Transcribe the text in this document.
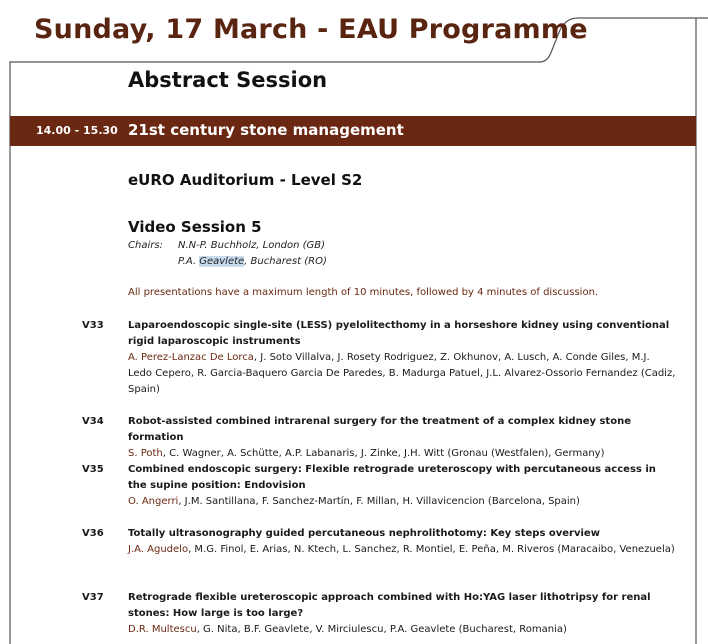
Sunday, 17 March - EAU Programme
Abstract Session
14.00 - 15.30 21st century stone management
eURO Auditorium - Level S2
Video Session 5
Chairs: N.N-P. Buchholz, London (GB)
P.A. Geavlete, Bucharest (RO)
All presentations have a maximum length of 10 minutes, followed by 4 minutes of discussion.
V33 Laparoendoscopic single-site (LESS) pyelolitecthomy in a horseshore kidney using conventional rigid laparoscopic instruments
A. Perez-Lanzac De Lorca, J. Soto Villalva, J. Rosety Rodriguez, Z. Okhunov, A. Lusch, A. Conde Giles, M.J. Ledo Cepero, R. Garcia-Baquero Garcia De Paredes, B. Madurga Patuel, J.L. Alvarez-Ossorio Fernandez (Cadiz, Spain)
V34 Robot-assisted combined intrarenal surgery for the treatment of a complex kidney stone formation
S. Poth, C. Wagner, A. Schütte, A.P. Labanaris, J. Zinke, J.H. Witt (Gronau (Westfalen), Germany)
V35 Combined endoscopic surgery: Flexible retrograde ureteroscopy with percutaneous access in the supine position: Endovision
O. Angerri, J.M. Santillana, F. Sanchez-Martín, F. Millan, H. Villavicencion (Barcelona, Spain)
V36 Totally ultrasonography guided percutaneous nephrolithotomy: Key steps overview
J.A. Agudelo, M.G. Finol, E. Arias, N. Ktech, L. Sanchez, R. Montiel, E. Peña, M. Riveros (Maracaibo, Venezuela)
V37 Retrograde flexible ureteroscopic approach combined with Ho:YAG laser lithotripsy for renal stones: How large is too large?
D.R. Multescu, G. Nita, B.F. Geavlete, V. Mirciulescu, P.A. Geavlete (Bucharest, Romania)
